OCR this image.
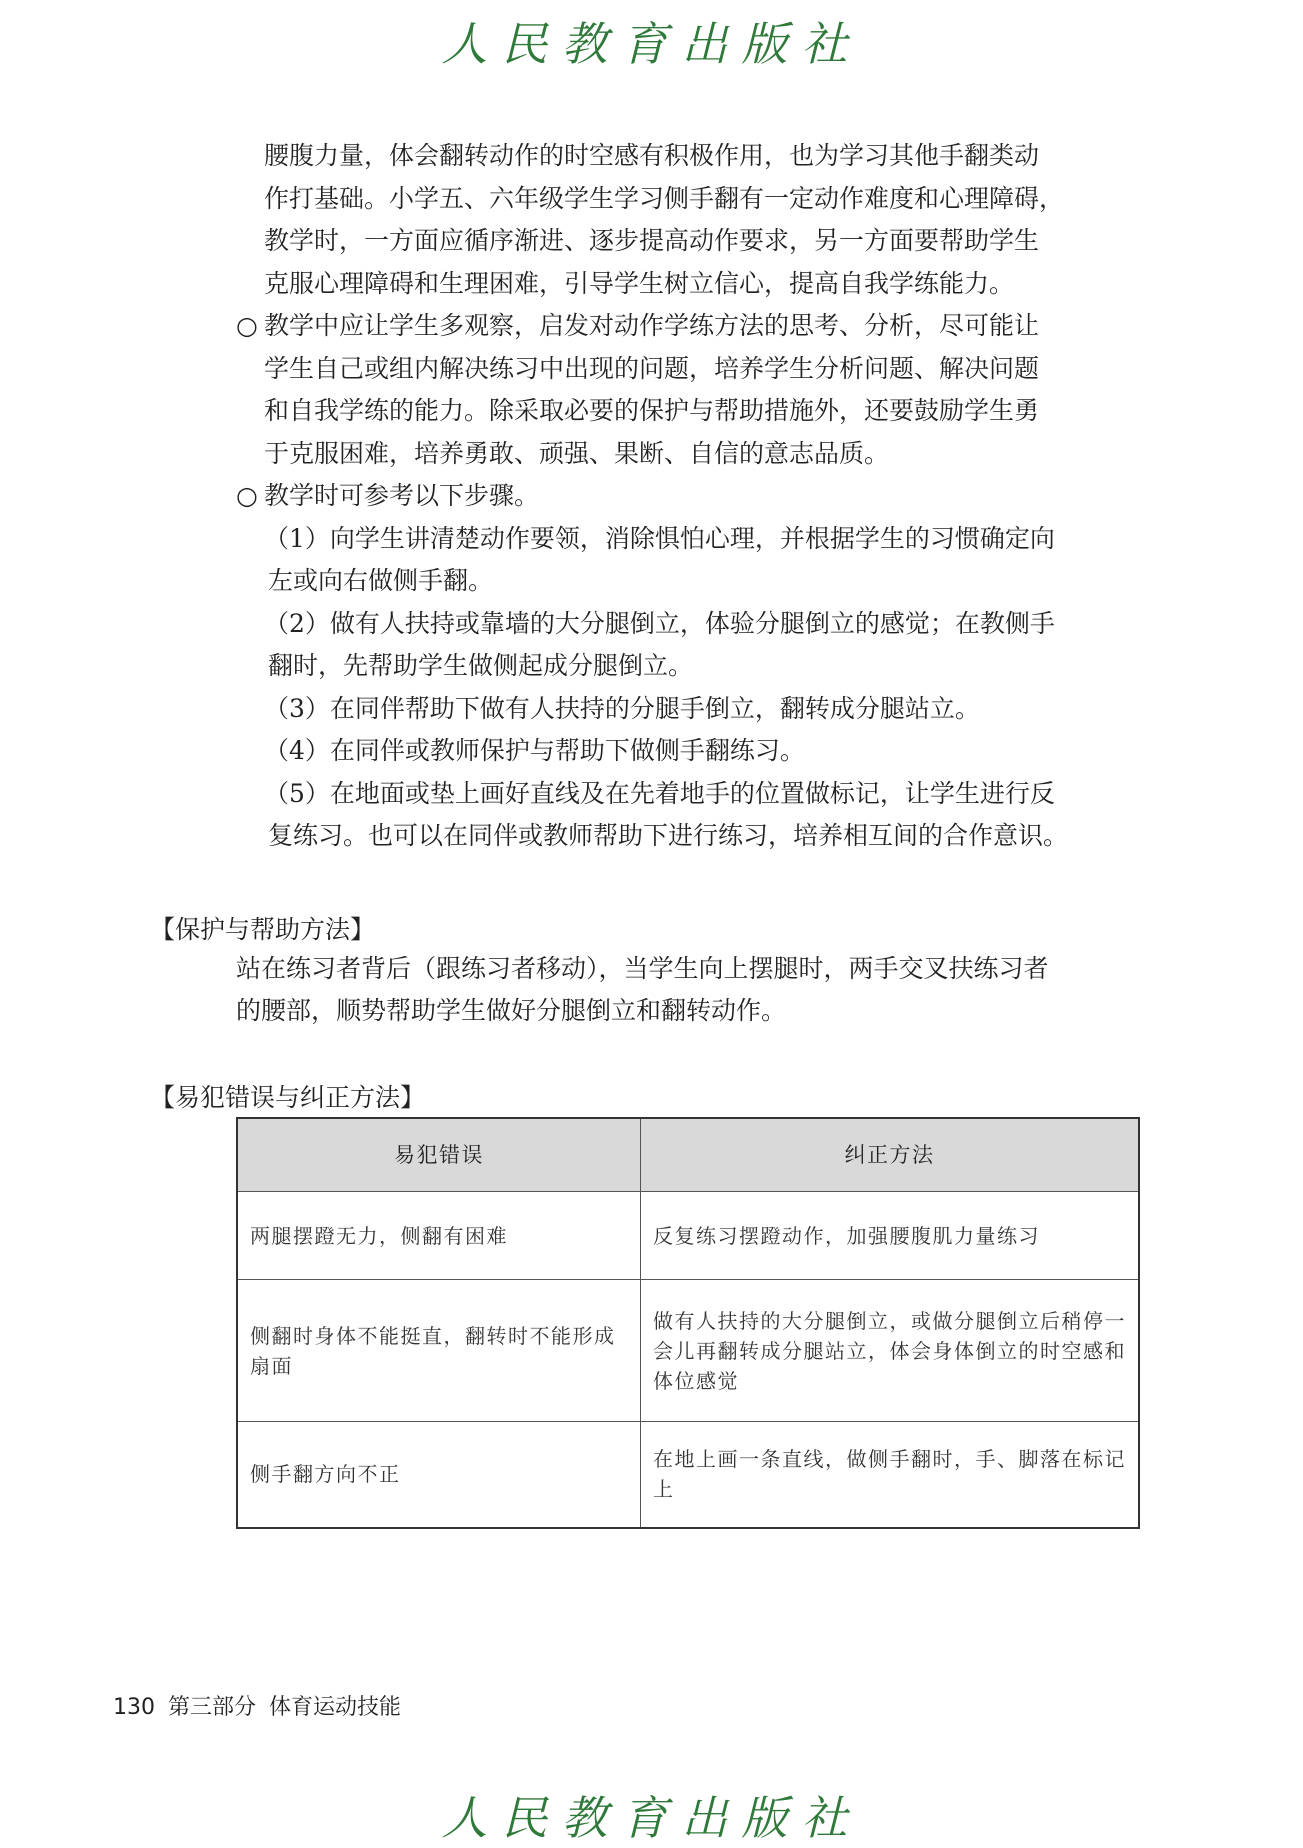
人民教育出版社

腰腹力量，体会翻转动作的时空感有积极作用，也为学习其他手翻类动

作打基础。小学五、六年级学生学习侧手翻有一定动作难度和心理障碍，

教学时，一方面应循序渐进、逐步提高动作要求，另一方面要帮助学生

克服心理障碍和生理困难，引导学生树立信心，提高自我学练能力。

○ 教学中应让学生多观察，启发对动作学练方法的思考、分析，尽可能让

学生自己或组内解决练习中出现的问题，培养学生分析问题、解决问题

和自我学练的能力。除采取必要的保护与帮助措施外，还要鼓励学生勇

于克服困难，培养勇敢、顽强、果断、自信的意志品质。

○ 教学时可参考以下步骤。

（1）向学生讲清楚动作要领，消除惧怕心理，并根据学生的习惯确定向
左或向右做侧手翻。

（2）做有人扶持或靠墙的大分腿倒立，体验分腿倒立的感觉；在教侧手
翻时，先帮助学生做侧起成分腿倒立。

（3）在同伴帮助下做有人扶持的分腿手倒立，翻转成分腿站立。

（4）在同伴或教师保护与帮助下做侧手翻练习。

（5）在地面或垫上画好直线及在先着地手的位置做标记，让学生进行反
复练习。也可以在同伴或教师帮助下进行练习，培养相互间的合作意识。

【保护与帮助方法】
站在练习者背后（跟练习者移动），当学生向上摆腿时，两手交叉扶练习者
的腰部，顺势帮助学生做好分腿倒立和翻转动作。
【易犯错误与纠正方法】
易犯错误	纠正方法
两腿摆蹬无力，侧翻有困难	反复练习摆蹬动作，加强腰腹肌力量练习
侧翻时身体不能挺直，翻转时不能形成扇面	做有人扶持的大分腿倒立，或做分腿倒立后稍停一会儿再翻转成分腿站立，体会身体倒立的时空感和体位感觉
侧手翻方向不正	在地上画一条直线，做侧手翻时，手、脚落在标记上
130 第三部分 体育运动技能
人民教育出版社
